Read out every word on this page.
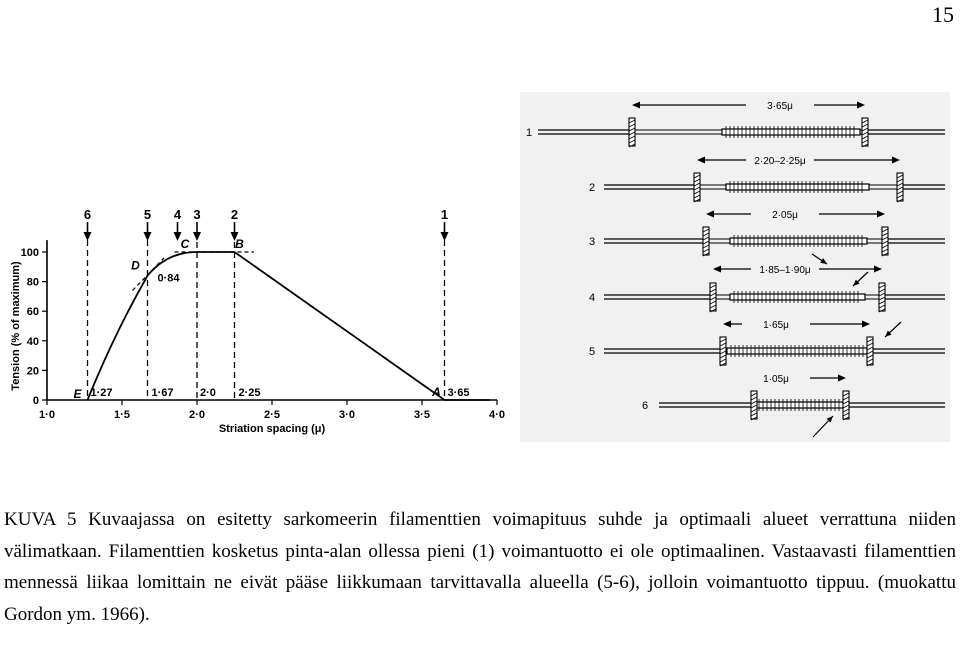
15
1·0	1·5	2·0	2·5	3·0	3·5	4·0
0
20
40
60
80
100
Striation spacing (μ)
Tension (% of maximum)
6	5 4 3 2	1
E
D
C	B
A
1·27	1·67 2·0 2·25	3·65
0·84
1
3·65μ
2
2·20–2·25μ
3
2·05μ
4
1·85–1·90μ
5
1·65μ
6
1·05μ

KUVA 5 Kuvaajassa on esitetty sarkomeerin filamenttien voimapituus suhde ja optimaali alueet verrattuna niiden välimatkaan. Filamenttien kosketus pinta-alan ollessa pieni (1) voimantuotto ei ole optimaalinen. Vastaavasti filamenttien mennessä liikaa lomittain ne eivät pääse liikkumaan tarvittavalla alueella (5-6), jolloin voimantuotto tippuu. (muokattu Gordon ym. 1966).
